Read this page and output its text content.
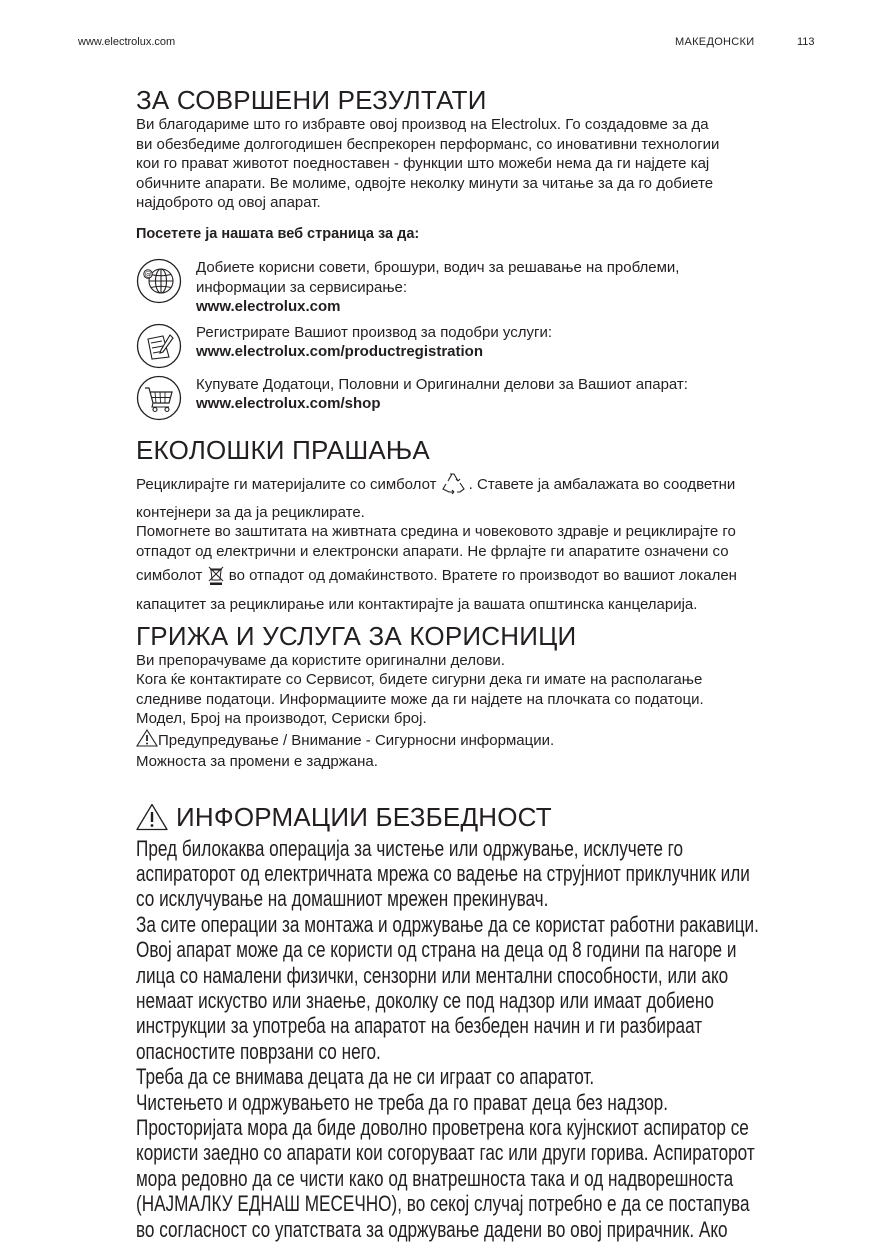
www.electrolux.com	МАКЕДОНСКИ	113
ЗА СОВРШЕНИ РЕЗУЛТАТИ

Ви благодариме што го избравте овој производ на Electrolux. Го создадовме за да

ви обезбедиме долгогодишен беспрекорен перформанс, со иновативни технологии

кои го прават животот поедноставен - функции што можеби нема да ги најдете кај

обичните апарати. Ве молиме, одвојте неколку минути за читање за да го добиете

најдоброто од овој апарат.

Посетете ја нашата веб страница за да:

@	Добиете корисни совети, брошури, водич за решавање на проблеми,

информации за сервисирање:

www.electrolux.com

Регистрирате Вашиот производ за подобри услуги:

www.electrolux.com/productregistration

Купувате Додатоци, Половни и Оригинални делови за Вашиот апарат:

www.electrolux.com/shop

ЕКОЛОШКИ ПРАШАЊА

Рециклирајте ги материјалите со симболот . Ставете ја амбалажата во соодветни

контејнери за да ја рециклирате.

Помогнете во заштитата на живтната средина и човековото здравје и рециклирајте го

отпадот од електрични и електронски апарати. Не фрлајте ги апаратите означени со

симболот во отпадот од домаќинството. Вратете го производот во вашиот локален

капацитет за рециклирање или контактирајте ја вашата општинска канцеларија.

ГРИЖА И УСЛУГА ЗА КОРИСНИЦИ

Ви препорачуваме да користите оригинални делови.

Кога ќе контактирате со Сервисот, бидете сигурни дека ги имате на располагање

следниве податоци. Информациите може да ги најдете на плочката со податоци.

Модел, Број на производот, Сериски број.

Предупредување / Внимание - Сигурносни информации.

Можноста за промени е задржана.

ИНФОРМАЦИИ БЕЗБЕДНОСТ
Пред билокаква операција за чистење или одржување, исклучете го
аспираторот од електричната мрежа со вадење на струјниот приклучник или
со исклучување на домашниот мрежен прекинувач.
За сите операции за монтажа и одржување да се користат работни ракавици.
Овој апарат може да се користи од страна на деца од 8 години па нагоре и
лица со намалени физички, сензорни или ментални способности, или ако
немаат искуство или знаење, доколку се под надзор или имаат добиено
инструкции за употреба на апаратот на безбеден начин и ги разбираат
опасностите поврзани со него.
Треба да се внимава децата да не си играат со апаратот.
Чистењето и одржувањето не треба да го прават деца без надзор.
Просторијата мора да биде доволно проветрена кога кујнскиот аспиратор се
користи заедно со апарати кои согоруваат гас или други горива. Аспираторот
мора редовно да се чисти како од внатрешноста така и од надворешноста
(НАЈМАЛКУ ЕДНАШ МЕСЕЧНО), во секој случај потребно е да се постапува
во согласност со упатствата за одржување дадени во овој прирачник. Ако
